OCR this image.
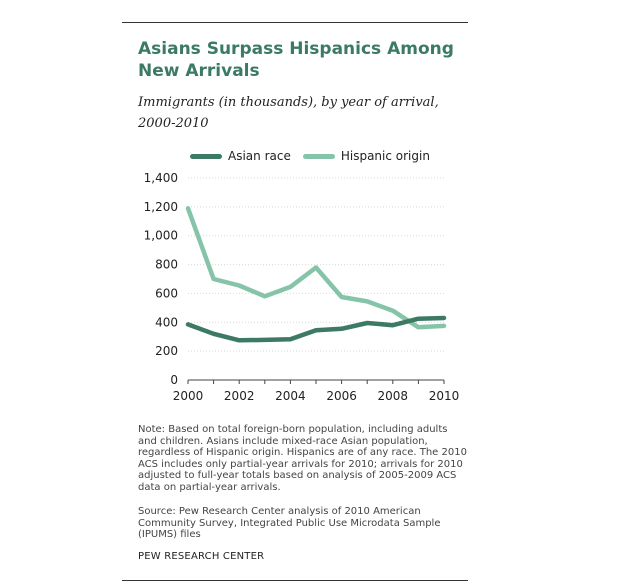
Asians Surpass Hispanics Among New Arrivals

Immigrants (in thousands), by year of arrival, 2000-2010

Asian race	Hispanic origin
0
200
400
600
800
1,000
1,200
1,400
2000 2002 2004 2006 2008 2010

Note: Based on total foreign-born population, including adults and children. Asians include mixed-race Asian population, regardless of Hispanic origin. Hispanics are of any race. The 2010 ACS includes only partial-year arrivals for 2010; arrivals for 2010 adjusted to full-year totals based on analysis of 2005-2009 ACS data on partial-year arrivals.

Source: Pew Research Center analysis of 2010 American Community Survey, Integrated Public Use Microdata Sample (IPUMS) files

PEW RESEARCH CENTER
